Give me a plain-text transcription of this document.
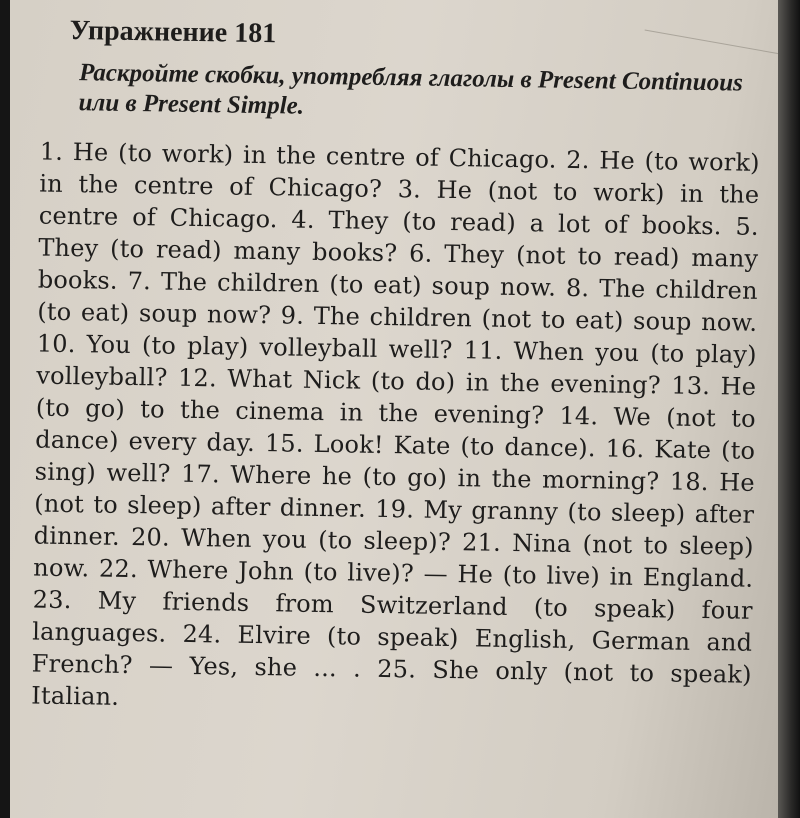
Упражнение 181
Раскройте скобки, употребляя глаголы в Present Continuous или в Present Simple.
1. He (to work) in the centre of Chicago. 2. He (to work) in the centre of Chicago? 3. He (not to work) in the centre of Chicago. 4. They (to read) a lot of books. 5. They (to read) many books? 6. They (not to read) many books. 7. The children (to eat) soup now. 8. The children (to eat) soup now? 9. The children (not to eat) soup now. 10. You (to play) volleyball well? 11. When you (to play) volleyball? 12. What Nick (to do) in the evening? 13. He (to go) to the cinema in the evening? 14. We (not to dance) every day. 15. Look! Kate (to dance). 16. Kate (to sing) well? 17. Where he (to go) in the morning? 18. He (not to sleep) after dinner. 19. My granny (to sleep) after dinner. 20. When you (to sleep)? 21. Nina (not to sleep) now. 22. Where John (to live)? — He (to live) in England. 23. My friends from Switzerland (to speak) four languages. 24. Elvire (to speak) English, German and French? — Yes, she ... . 25. She only (not to speak) Italian.
